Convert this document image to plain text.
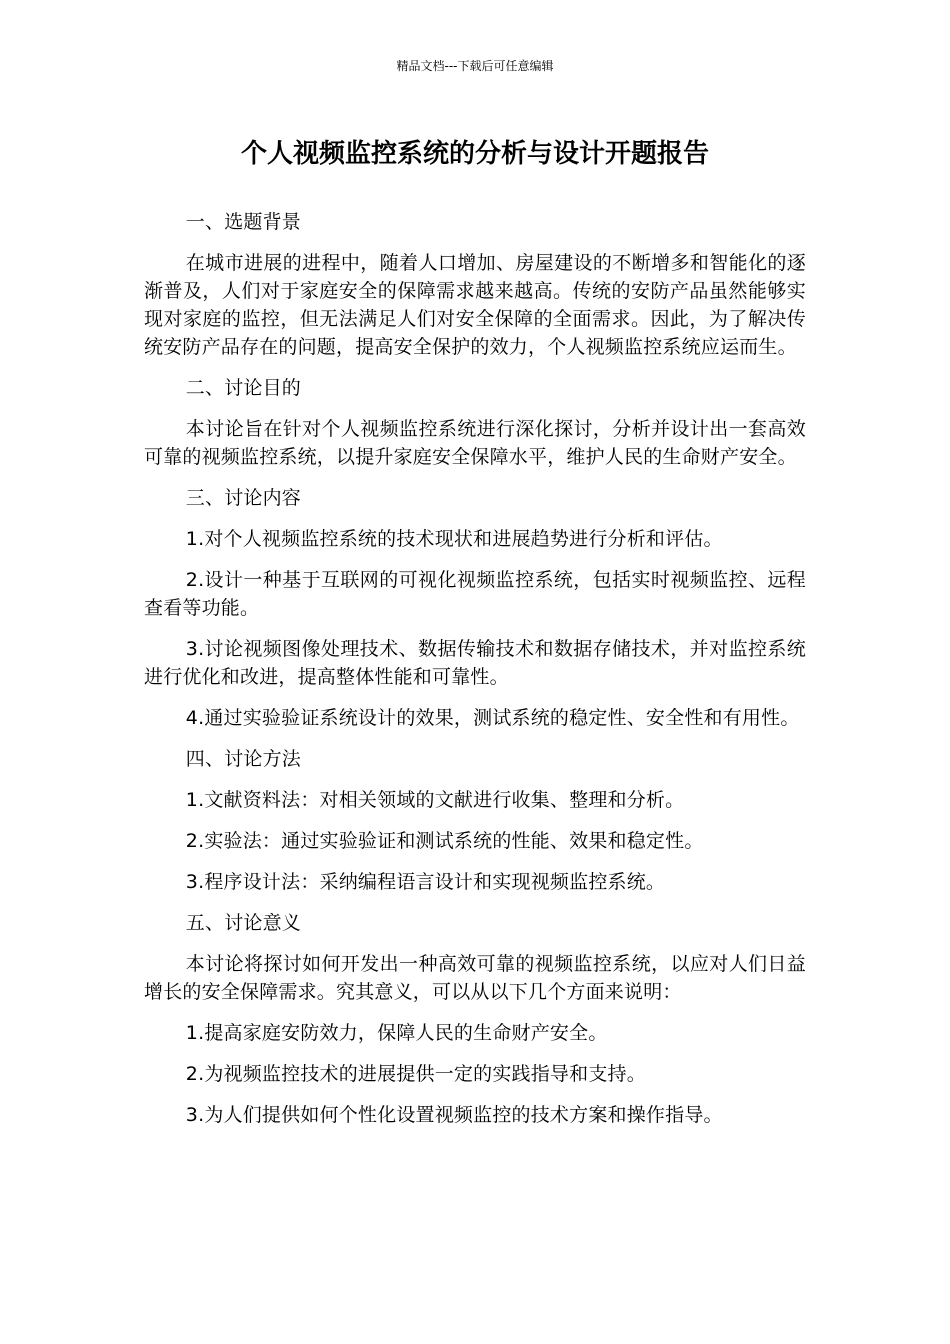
精品文档---下载后可任意编辑
个人视频监控系统的分析与设计开题报告

一、选题背景

在城市进展的进程中，随着人口增加、房屋建设的不断增多和智能化的逐渐普及，人们对于家庭安全的保障需求越来越高。传统的安防产品虽然能够实现对家庭的监控，但无法满足人们对安全保障的全面需求。因此，为了解决传统安防产品存在的问题，提高安全保护的效力，个人视频监控系统应运而生。

二、讨论目的

本讨论旨在针对个人视频监控系统进行深化探讨，分析并设计出一套高效可靠的视频监控系统，以提升家庭安全保障水平，维护人民的生命财产安全。

三、讨论内容

1.对个人视频监控系统的技术现状和进展趋势进行分析和评估。

2.设计一种基于互联网的可视化视频监控系统，包括实时视频监控、远程查看等功能。

3.讨论视频图像处理技术、数据传输技术和数据存储技术，并对监控系统进行优化和改进，提高整体性能和可靠性。

4.通过实验验证系统设计的效果，测试系统的稳定性、安全性和有用性。

四、讨论方法

1.文献资料法：对相关领域的文献进行收集、整理和分析。

2.实验法：通过实验验证和测试系统的性能、效果和稳定性。

3.程序设计法：采纳编程语言设计和实现视频监控系统。

五、讨论意义

本讨论将探讨如何开发出一种高效可靠的视频监控系统，以应对人们日益增长的安全保障需求。究其意义，可以从以下几个方面来说明：

1.提高家庭安防效力，保障人民的生命财产安全。

2.为视频监控技术的进展提供一定的实践指导和支持。

3.为人们提供如何个性化设置视频监控的技术方案和操作指导。
